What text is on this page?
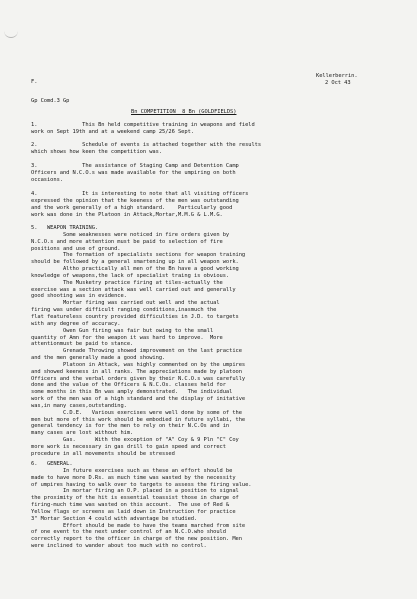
F.
Kellerberrin.
2 Oct 43
Gp Comd.3 Gp
Bn COMPETITION  8 Bn (GOLDFIELDS)

1.              This Bn held competitive training in weapons and field

work on Sept 19th and at a weekend camp 25/26 Sept.

2.              Schedule of events is attached together with the results

which shows how keen the competition was.

3.              The assistance of Staging Camp and Detention Camp

Officers and N.C.O.s was made available for the umpiring on both

occasions.

4.              It is interesting to note that all visiting officers

expressed the opinion that the keeness of the men was outstanding

and the work generally of a high standard.    Particularly good

work was done in the Platoon in Attack,Mortar,M.M.G & L.M.G.

5.   WEAPON TRAINING.

Some weaknesses were noticed in fire orders given by

N.C.O.s and more attention must be paid to selection of fire

positions and use of ground.

The formation of specialists sections for weapon training

should be followed by a general smartening up in all weapon work.

Altho practically all men of the Bn have a good working

knowledge of weapons,the lack of specialist traing is obvious.

The Musketry practice firing at tiles-actually the

exercise was a section attack was well carried out and generally

good shooting was in evidence.

Mortar firing was carried out well and the actual

firing was under difficult ranging conditions,inasmuch the

flat featureless country provided difficulties in J.D. to targets

with any degree of accuracy.

Owen Gun firing was fair but owing to the small

quantity of Amn for the weapon it was hard to improve.  More

attentionmust be paid to stance.

Grenade Throwing showed improvement on the last practice

and the men generally made a good showing.

Platoon in Attack, was highly commented on by the umpires

and showed keeness in all ranks. The appreciations made by platoon

Officers and the verbal orders given by their N.C.O.s was carefully

done and the value of the Officers & N.C.Os. classes held for

some months in this Bn was amply demonstrated.   The individual

work of the men was of a high standard and the display of initative

was,in many cases,outstanding.

C.D.E.   Various exercises were well done by some of the

men but more of this work should be embodied in future syllabi, the

general tendency is for the men to rely on their N.C.Os and in

many cases are lost without him.

Gas.      With the exception of "A" Coy & 9 Pln "C" Coy

more work is necessary in gas drill to gain speed and correct

procedure in all movements should be stressed

6.   GENERAL.

In future exercises such as these an effort should be

made to have more D.Rs. as much time was wasted by the necessity

of umpires having to walk over to targets to assess the firing value.

In mortar firing an O.P. placed in a position to signal

the proximity of the hit is essential toassist those in charge of

firing-much time was wasted on this account.  The use of Red &

Yellow flags or screens as laid down in Instruction for practice

3" Mortar Section 4 could with advantage be studied.

Effort should be made to have the teams marched from site

of one event to the next under control of an N.C.O.who should

correctly report to the officer in charge of the new position. Men

were inclined to wander about too much with no control.
